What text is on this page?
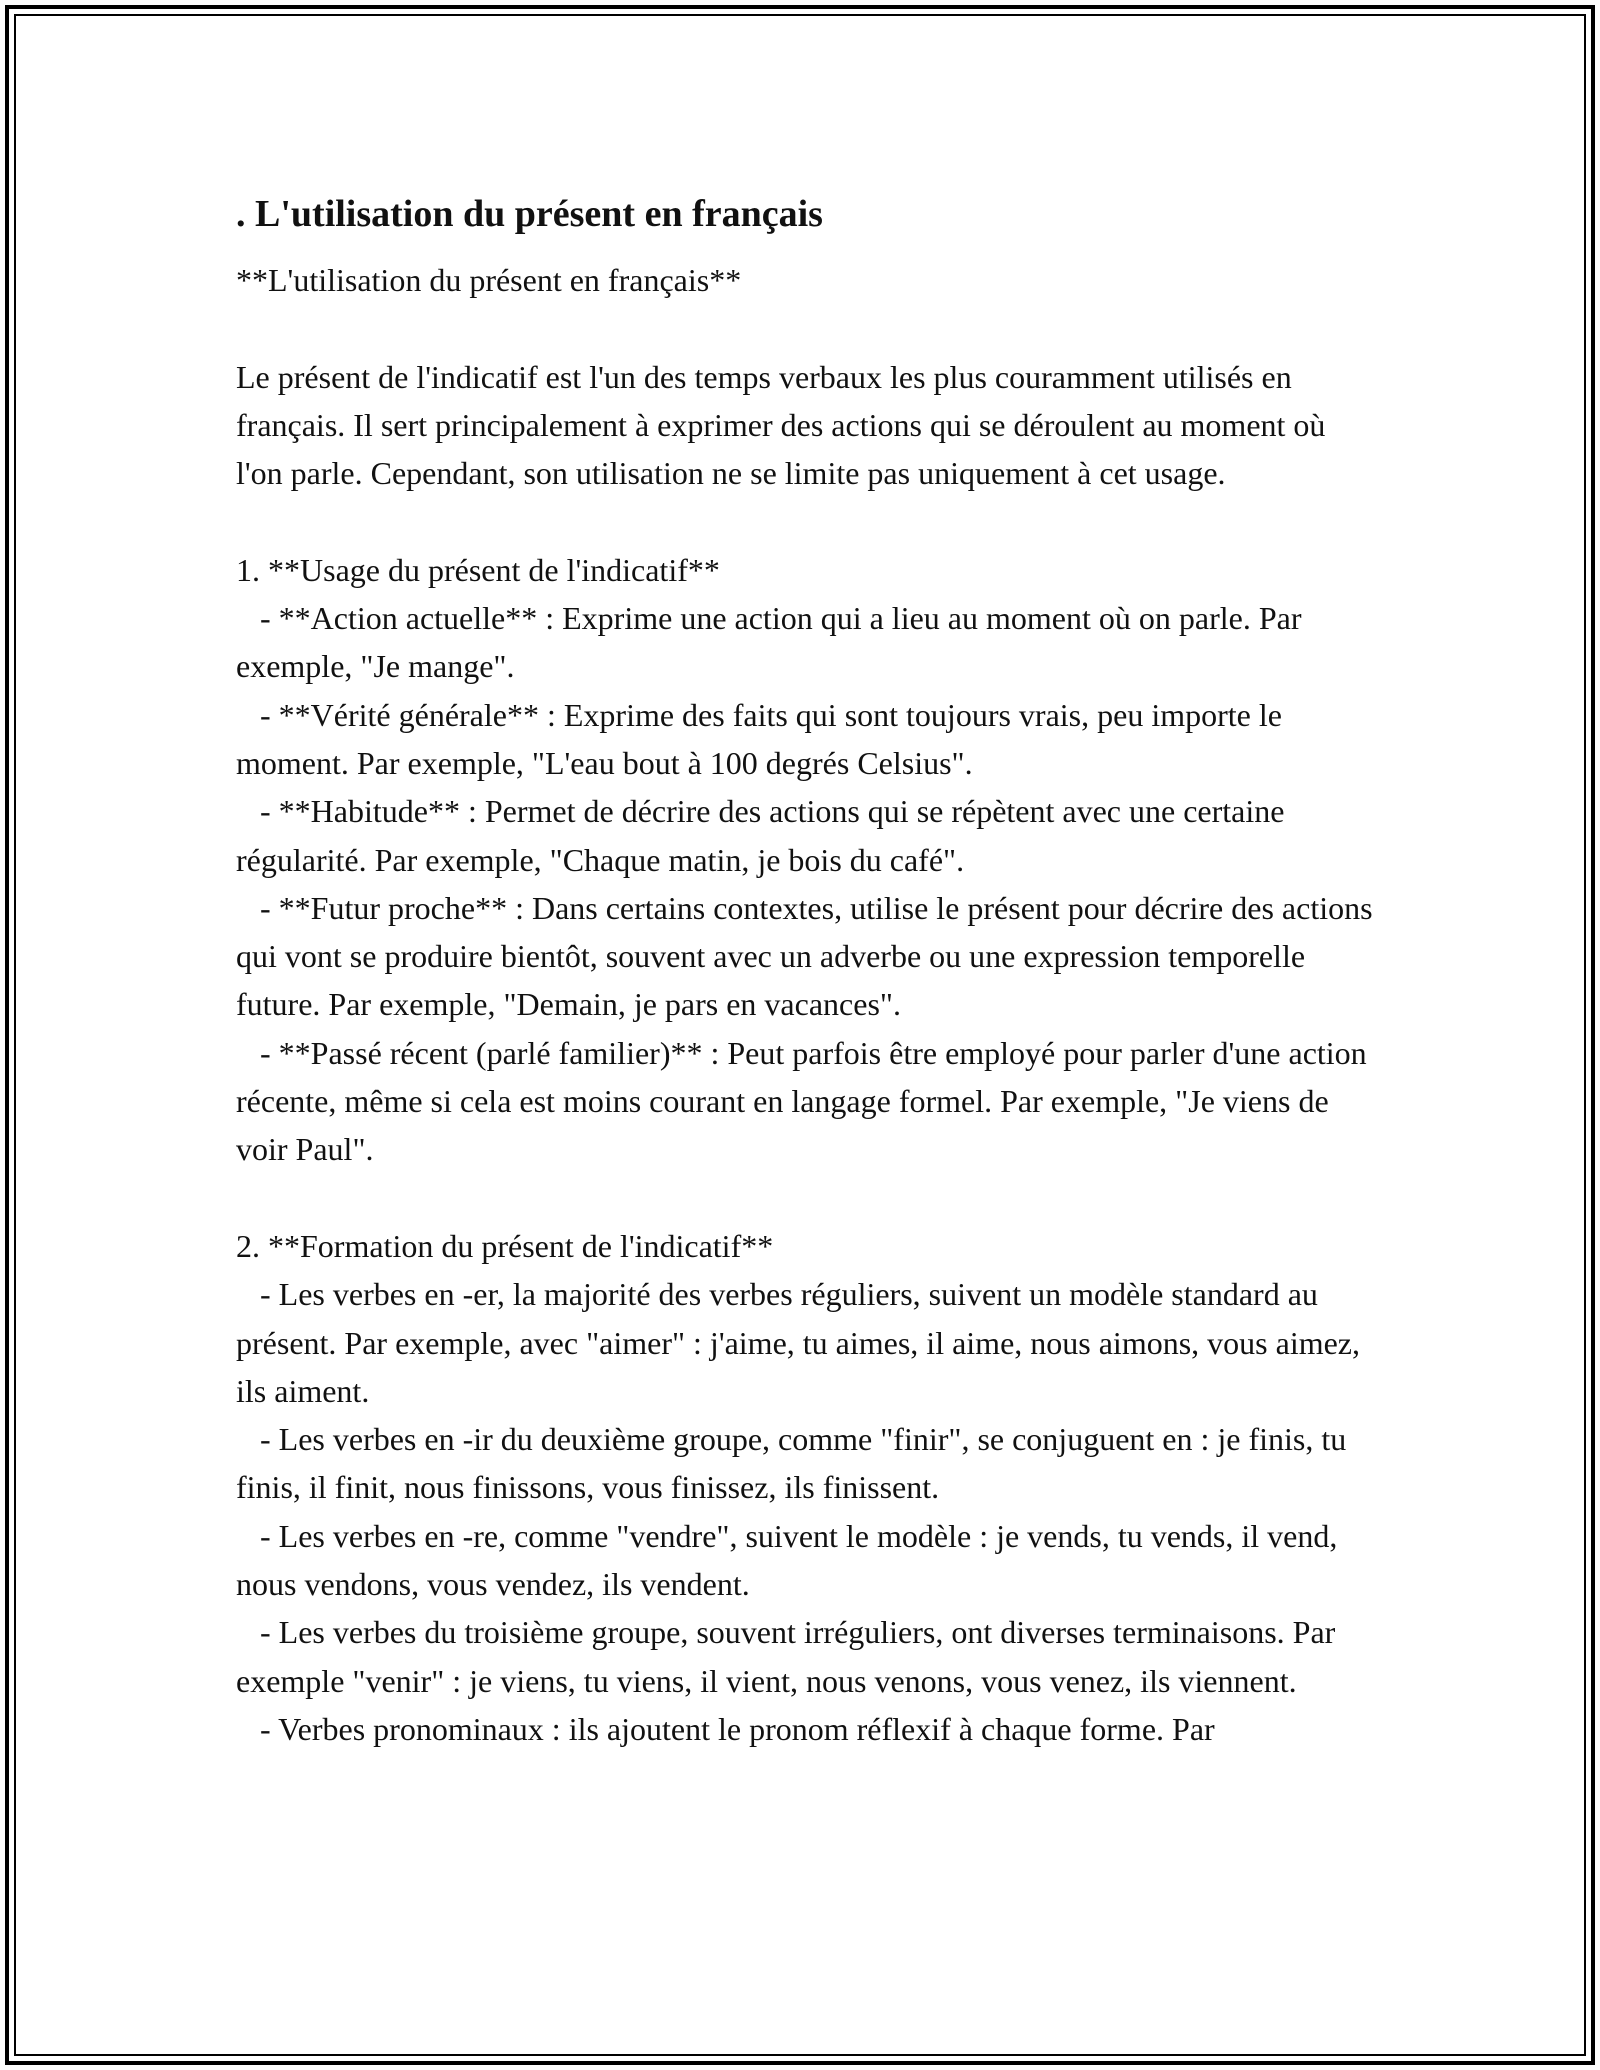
. L'utilisation du présent en français

**L'utilisation du présent en français**

Le présent de l'indicatif est l'un des temps verbaux les plus couramment utilisés en français. Il sert principalement à exprimer des actions qui se déroulent au moment où l'on parle. Cependant, son utilisation ne se limite pas uniquement à cet usage.

1. **Usage du présent de l'indicatif**

- **Action actuelle** : Exprime une action qui a lieu au moment où on parle. Par exemple, "Je mange".

- **Vérité générale** : Exprime des faits qui sont toujours vrais, peu importe le moment. Par exemple, "L'eau bout à 100 degrés Celsius".

- **Habitude** : Permet de décrire des actions qui se répètent avec une certaine régularité. Par exemple, "Chaque matin, je bois du café".

- **Futur proche** : Dans certains contextes, utilise le présent pour décrire des actions qui vont se produire bientôt, souvent avec un adverbe ou une expression temporelle future. Par exemple, "Demain, je pars en vacances".

- **Passé récent (parlé familier)** : Peut parfois être employé pour parler d'une action récente, même si cela est moins courant en langage formel. Par exemple, "Je viens de voir Paul".

2. **Formation du présent de l'indicatif**

- Les verbes en -er, la majorité des verbes réguliers, suivent un modèle standard au présent. Par exemple, avec "aimer" : j'aime, tu aimes, il aime, nous aimons, vous aimez, ils aiment.

- Les verbes en -ir du deuxième groupe, comme "finir", se conjuguent en : je finis, tu finis, il finit, nous finissons, vous finissez, ils finissent.

- Les verbes en -re, comme "vendre", suivent le modèle : je vends, tu vends, il vend, nous vendons, vous vendez, ils vendent.

- Les verbes du troisième groupe, souvent irréguliers, ont diverses terminaisons. Par exemple "venir" : je viens, tu viens, il vient, nous venons, vous venez, ils viennent.

- Verbes pronominaux : ils ajoutent le pronom réflexif à chaque forme. Par
